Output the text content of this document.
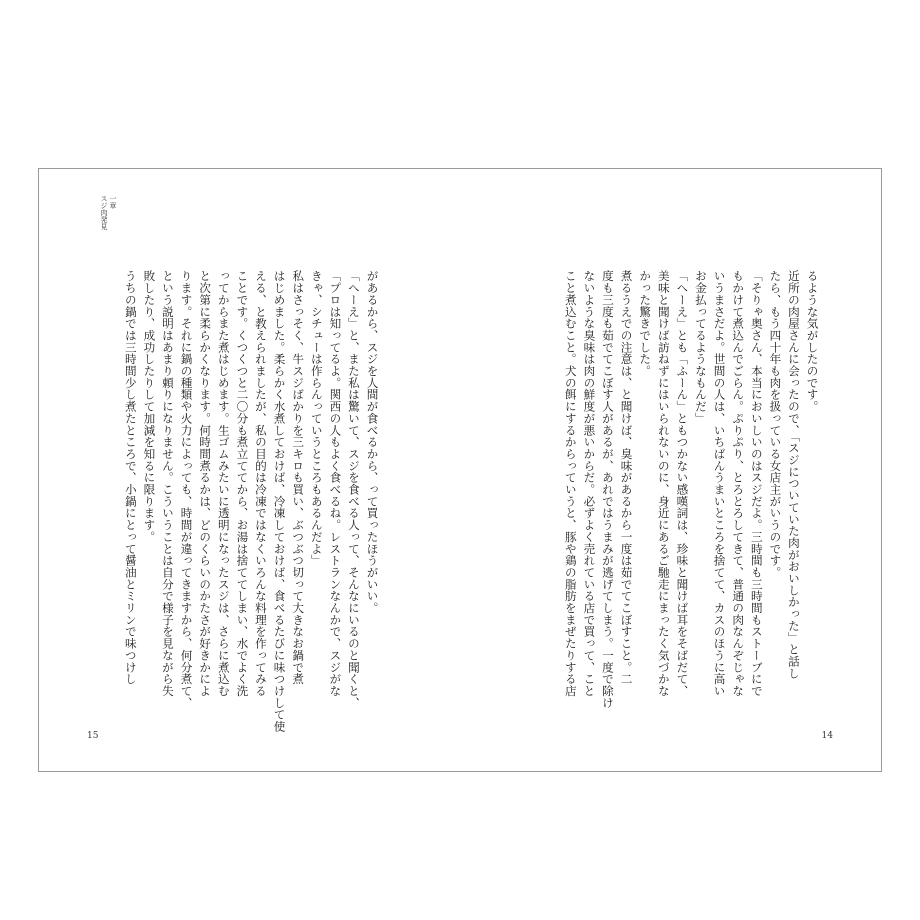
一章
スジ肉発見
があるから、スジを人間が食べるから、って買ったほうがいい。
「へーえ」と、また私は驚いて、スジを食べる人って、そんなにいるのと聞くと、
「プロは知ってるよ。関西の人もよく食べるね。レストランなんかで、スジがな
きゃ、シチューは作らんっていうところもあるんだよ」
私はさっそく、牛スジばかりを三キロも買い、ぶつぶつ切って大きなお鍋で煮
はじめました。柔らかく水煮しておけば、冷凍しておけば、食べるたびに味つけして使
える、と教えられましたが、私の目的は冷凍ではなくいろんな料理を作ってみる
ことです。くつくつと二〇分も煮立ててから、お湯は捨ててしまい、水でよく洗
ってからまた煮はじめます。生ゴムみたいに透明になったスジは、さらに煮込む
と次第に柔らかくなります。何時間煮るかは、どのくらいのかたさが好きかによ
ります。それに鍋の種類や火力によっても、時間が違ってきますから、何分煮て、
という説明はあまり頼りになりません。こういうことは自分で様子を見ながら失
敗したり、成功したりして加減を知るに限ります。
うちの鍋では三時間少し煮たところで、小鍋にとって醤油とミリンで味つけし	るような気がしたのです。
近所の肉屋さんに会ったので、「スジについていた肉がおいしかった」と話し
たら、もう四十年も肉を扱っている女店主がいうのです。
「そりゃ奥さん、本当においしいのはスジだよ。三時間も三時間もストーブにで
もかけて煮込んでごらん。ぷりぷり、とろとろしてきて、普通の肉なんぞじゃな
いうまさだよ。世間の人は、いちばんうまいところを捨てて、カスのほうに高い
お金払ってるようなもんだ」
「へーえ」とも「ふーん」ともつかない感嘆詞は、珍味と聞けば耳をそばだて、
美味と聞けば訪ねずにはいられないのに、身近にあるご馳走にまったく気づかな
かった驚きでした。
煮るうえでの注意は、と聞けば、臭味があるから一度は茹でてこぼすこと。二
度も三度も茹でてこぼす人があるが、あれではうまみが逃げてしまう。一度で除け
ないような臭味は肉の鮮度が悪いからだ。必ずよく売れている店で買って、こと
こと煮込むこと。犬の餌にするからっていうと、豚や鶏の脂肪をまぜたりする店
15	14
